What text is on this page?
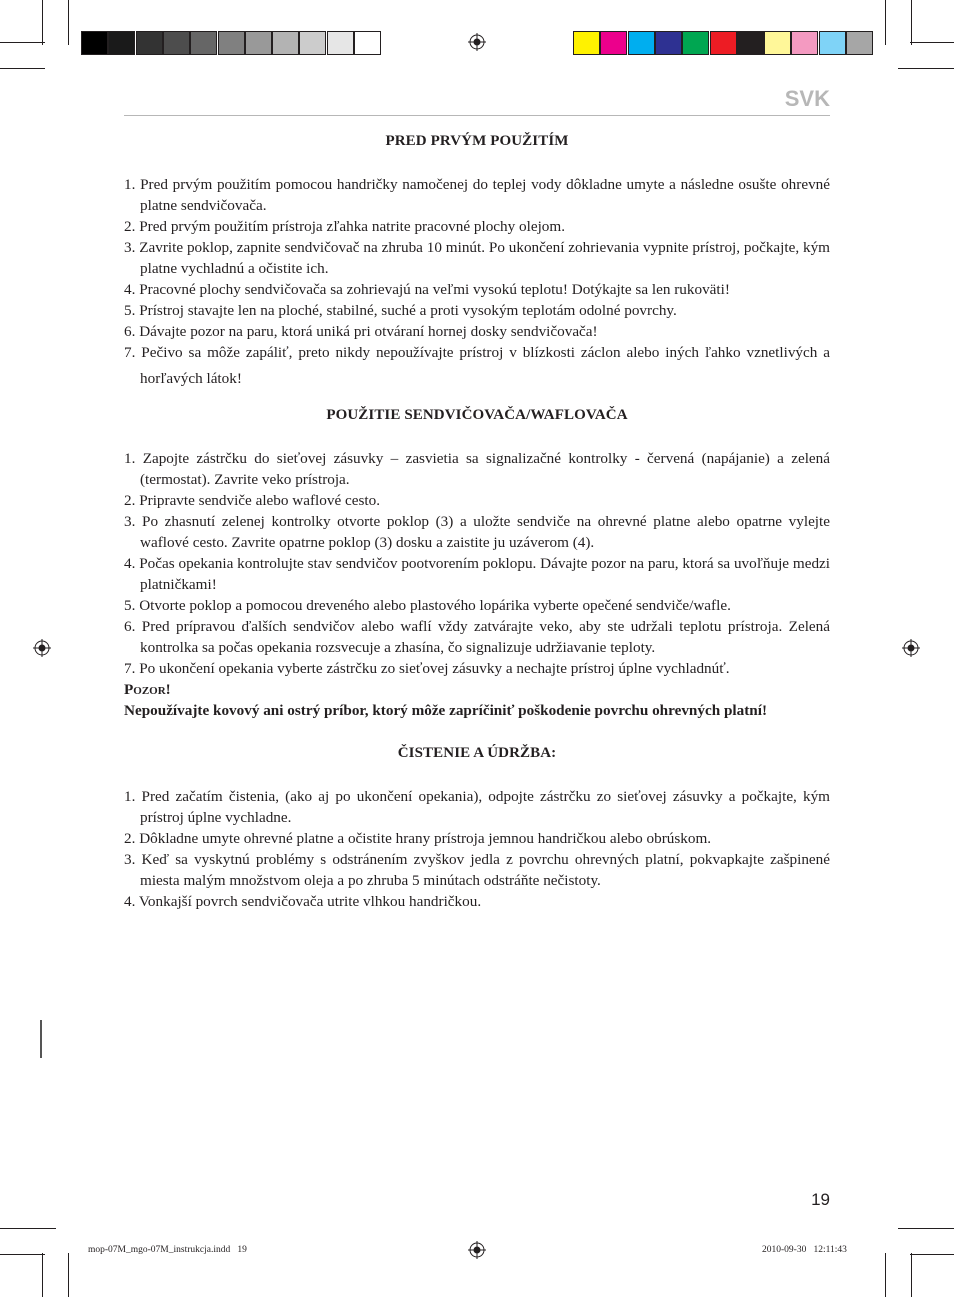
SVK
PRED PRVÝM POUŽITÍM
1. Pred prvým použitím pomocou handričky namočenej do teplej vody dôkladne umyte a následne osušte ohrevné platne sendvičovača.
2. Pred prvým použitím prístroja zľahka natrite pracovné plochy olejom.
3. Zavrite poklop, zapnite sendvičovač na zhruba 10 minút. Po ukončení zohrievania vypnite prístroj, počkajte, kým platne vychladnú a očistite ich.
4. Pracovné plochy sendvičovača sa zohrievajú na veľmi vysokú teplotu! Dotýkajte sa len rukoväti!
5. Prístroj stavajte len na ploché, stabilné, suché a proti vysokým teplotám odolné povrchy.
6. Dávajte pozor na paru, ktorá uniká pri otváraní hornej dosky sendvičovača!
7. Pečivo sa môže zapáliť, preto nikdy nepoužívajte prístroj v blízkosti záclon alebo iných ľahko vznetlivých a horľavých látok!
POUŽITIE SENDVIČOVAČA/WAFLOVAČA
1. Zapojte zástrčku do sieťovej zásuvky – zasvietia sa signalizačné kontrolky - červená (napájanie) a zelená (termostat). Zavrite veko prístroja.
2. Pripravte sendviče alebo waflové cesto.
3. Po zhasnutí zelenej kontrolky otvorte poklop (3) a uložte sendviče na ohrevné platne alebo opatrne vylejte waflové cesto. Zavrite opatrne poklop (3) dosku a zaistite ju uzáverom (4).
4. Počas opekania kontrolujte stav sendvičov pootvorením poklopu. Dávajte pozor na paru, ktorá sa uvoľňuje medzi platničkami!
5. Otvorte poklop a pomocou dreveného alebo plastového lopárika vyberte opečené sendviče/wafle.
6. Pred prípravou ďalších sendvičov alebo waflí vždy zatvárajte veko, aby ste udržali teplotu prístroja. Zelená kontrolka sa počas opekania rozsvecuje a zhasína, čo signalizuje udržiavanie teploty.
7. Po ukončení opekania vyberte zástrčku zo sieťovej zásuvky a nechajte prístroj úplne vychladnúť.
Pozor!
Nepoužívajte kovový ani ostrý príbor, ktorý môže zapríčiniť poškodenie povrchu ohrevných platní!
ČISTENIE A ÚDRŽBA:
1. Pred začatím čistenia, (ako aj po ukončení opekania), odpojte zástrčku zo sieťovej zásuvky a počkajte, kým prístroj úplne vychladne.
2. Dôkladne umyte ohrevné platne a očistite hrany prístroja jemnou handričkou alebo obrúskom.
3. Keď sa vyskytnú problémy s odstránením zvyškov jedla z povrchu ohrevných platní, pokvapkajte zašpinené miesta malým množstvom oleja a po zhruba 5 minútach odstráňte nečistoty.
4. Vonkajší povrch sendvičovača utrite vlhkou handričkou.
19
mop-07M_mgo-07M_instrukcja.indd   19	2010-09-30   12:11:43
